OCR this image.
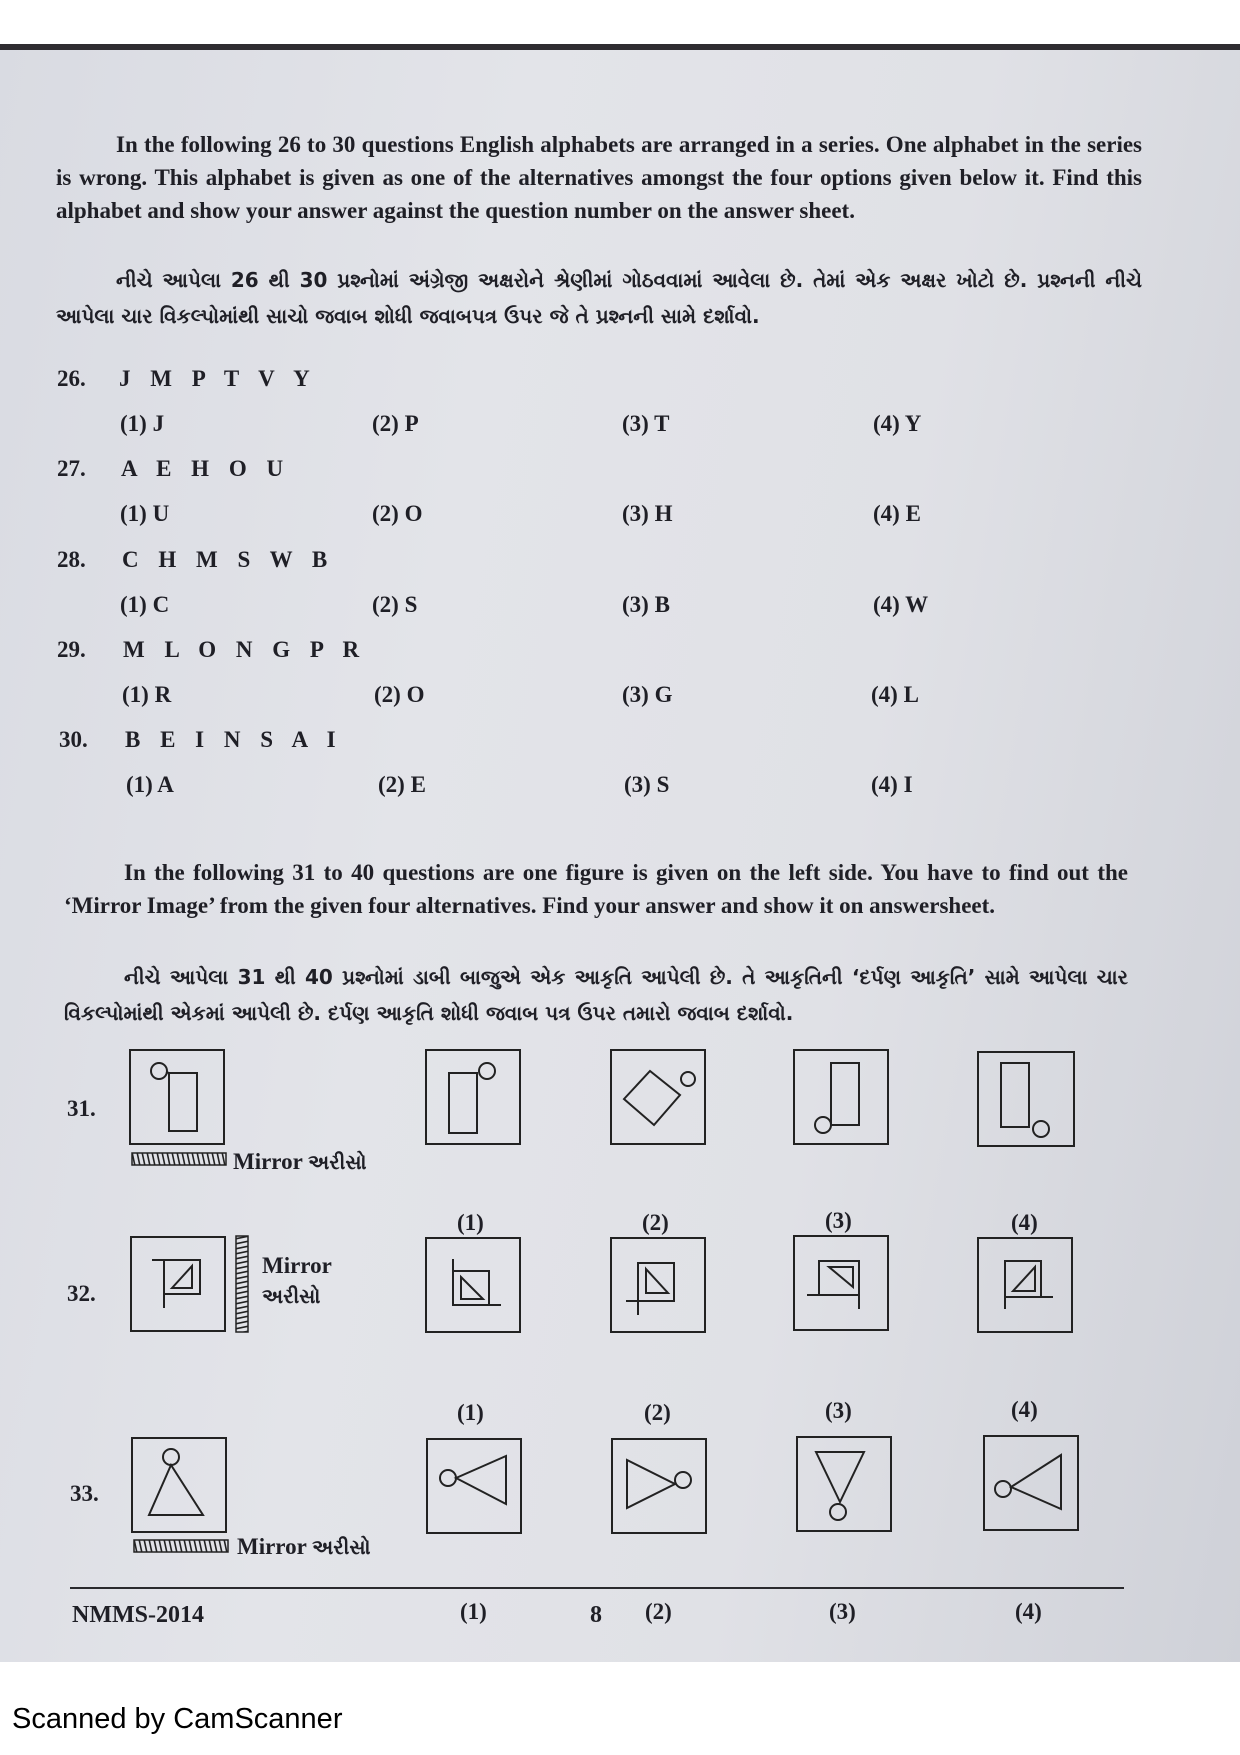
In the following 26 to 30 questions English alphabets are arranged in a series. One alphabet in the series is wrong. This alphabet is given as one of the alternatives amongst the four options given below it. Find this alphabet and show your answer against the question number on the answer sheet.

નીચે આપેલા 26 થી 30 પ્રશ્નોમાં અંગ્રેજી અક્ષરોને શ્રેણીમાં ગોઠવવામાં આવેલા છે. તેમાં એક અક્ષર ખોટો છે. પ્રશ્નની નીચે આપેલા ચાર વિકલ્પોમાંથી સાચો જવાબ શોધી જવાબપત્ર ઉપર જે તે પ્રશ્નની સામે દર્શાવો.

26. J M P T V Y
(1) J	(2) P	(3) T	(4) Y
27. A E H O U
(1) U	(2) O	(3) H	(4) E
28. C H M S W B
(1) C	(2) S	(3) B	(4) W
29. M L O N G P R
(1) R	(2) O	(3) G	(4) L
30. B E I N S A I
(1) A	(2) E	(3) S	(4) I

In the following 31 to 40 questions are one figure is given on the left side. You have to find out the ‘Mirror Image’ from the given four alternatives. Find your answer and show it on answersheet.

નીચે આપેલા 31 થી 40 પ્રશ્નોમાં ડાબી બાજુએ એક આકૃતિ આપેલી છે. તે આકૃતિની ‘દર્પણ આકૃતિ’ સામે આપેલા ચાર વિકલ્પોમાંથી એકમાં આપેલી છે. દર્પણ આકૃતિ શોધી જવાબ પત્ર ઉપર તમારો જવાબ દર્શાવો.

31.
Mirror અરીસો
(1)	(2)	(3)	(4)
32.
Mirror
અરીસો
(1)	(2)	(3)	(4)
33.
Mirror અરીસો
(1)	(2)	(3)	(4)
NMMS-2014	8
Scanned by CamScanner
